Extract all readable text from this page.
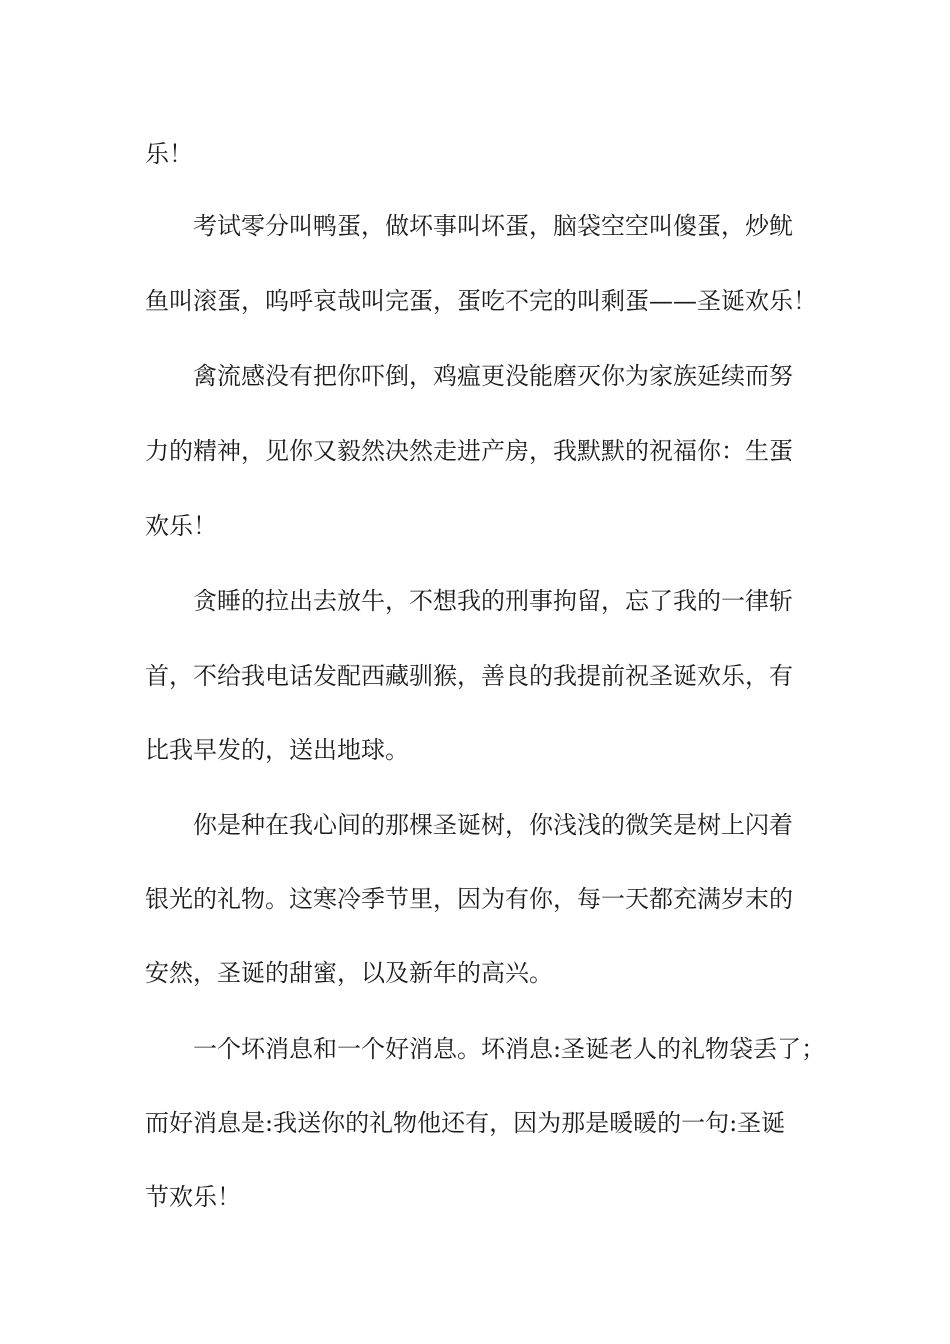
乐！

考试零分叫鸭蛋，做坏事叫坏蛋，脑袋空空叫傻蛋，炒鱿

鱼叫滚蛋，呜呼哀哉叫完蛋，蛋吃不完的叫剩蛋——圣诞欢乐！

禽流感没有把你吓倒，鸡瘟更没能磨灭你为家族延续而努

力的精神，见你又毅然决然走进产房，我默默的祝福你：生蛋

欢乐！

贪睡的拉出去放牛，不想我的刑事拘留，忘了我的一律斩

首，不给我电话发配西藏驯猴，善良的我提前祝圣诞欢乐，有

比我早发的，送出地球。

你是种在我心间的那棵圣诞树，你浅浅的微笑是树上闪着

银光的礼物。这寒冷季节里，因为有你，每一天都充满岁末的

安然，圣诞的甜蜜，以及新年的高兴。

一个坏消息和一个好消息。坏消息:圣诞老人的礼物袋丢了；

而好消息是:我送你的礼物他还有，因为那是暖暖的一句:圣诞

节欢乐！
